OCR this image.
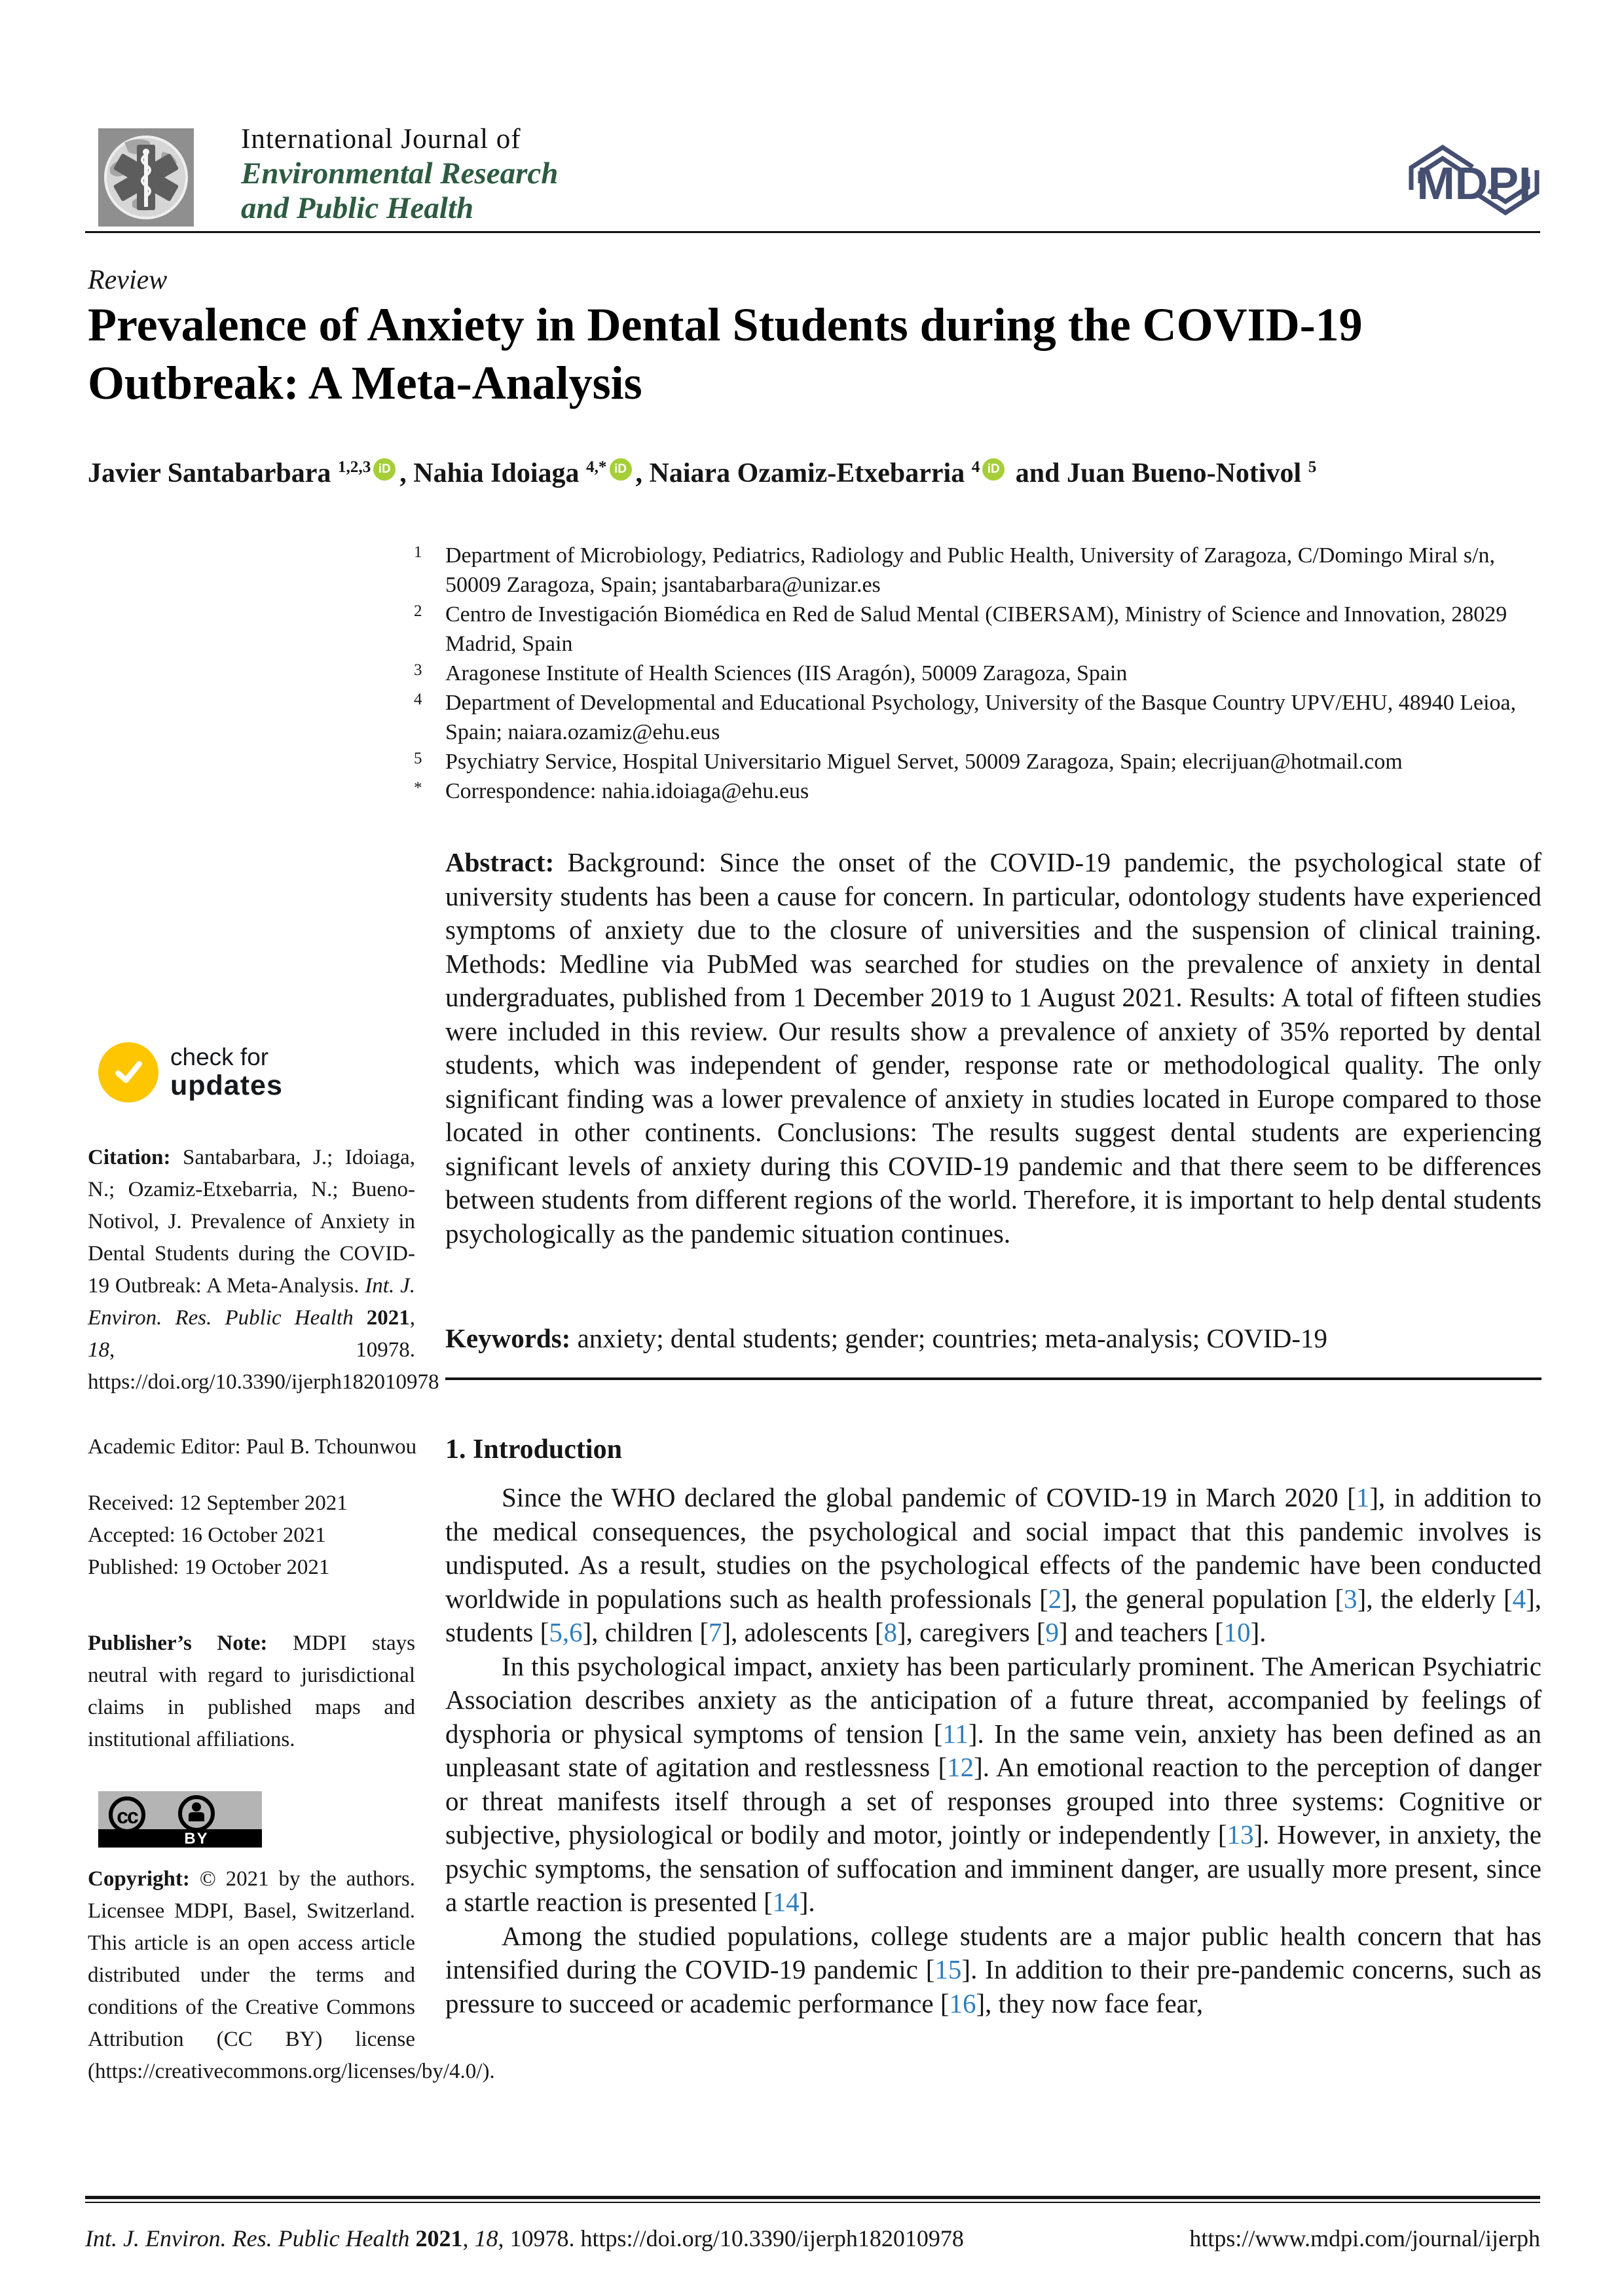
International Journal of
Environmental Research
and Public Health	MDPI
Review
Prevalence of Anxiety in Dental Students during the COVID-19 Outbreak: A Meta-Analysis
Javier Santabarbara $^{1,2,3}$ iD , Nahia Idoiaga $^{4,*}$ iD , Naiara Ozamiz-Etxebarria $^4$ iD and Juan Bueno-Notivol $^5$
1	Department of Microbiology, Pediatrics, Radiology and Public Health, University of Zaragoza, C/Domingo Miral s/n, 50009 Zaragoza, Spain; jsantabarbara@unizar.es
2	Centro de Investigación Biomédica en Red de Salud Mental (CIBERSAM), Ministry of Science and Innovation, 28029 Madrid, Spain
3	Aragonese Institute of Health Sciences (IIS Aragón), 50009 Zaragoza, Spain
4	Department of Developmental and Educational Psychology, University of the Basque Country UPV/EHU, 48940 Leioa, Spain; naiara.ozamiz@ehu.eus
5	Psychiatry Service, Hospital Universitario Miguel Servet, 50009 Zaragoza, Spain; elecrijuan@hotmail.com
*	Correspondence: nahia.idoiaga@ehu.eus
Abstract: Background: Since the onset of the COVID-19 pandemic, the psychological state of university students has been a cause for concern. In particular, odontology students have experienced symptoms of anxiety due to the closure of universities and the suspension of clinical training. Methods: Medline via PubMed was searched for studies on the prevalence of anxiety in dental undergraduates, published from 1 December 2019 to 1 August 2021. Results: A total of fifteen studies were included in this review. Our results show a prevalence of anxiety of 35% reported by dental students, which was independent of gender, response rate or methodological quality. The only significant finding was a lower prevalence of anxiety in studies located in Europe compared to those located in other continents. Conclusions: The results suggest dental students are experiencing significant levels of anxiety during this COVID-19 pandemic and that there seem to be differences between students from different regions of the world. Therefore, it is important to help dental students psychologically as the pandemic situation continues.
Keywords: anxiety; dental students; gender; countries; meta-analysis; COVID-19
check for
updates
Citation: Santabarbara, J.; Idoiaga, N.; Ozamiz-Etxebarria, N.; Bueno-Notivol, J. Prevalence of Anxiety in Dental Students during the COVID-19 Outbreak: A Meta-Analysis. Int. J. Environ. Res. Public Health 2021, 18, 10978. https://doi.org/10.3390/ijerph182010978
Academic Editor: Paul B. Tchounwou
Received: 12 September 2021
Accepted: 16 October 2021
Published: 19 October 2021
Publisher’s Note: MDPI stays neutral with regard to jurisdictional claims in published maps and institutional affiliations.
cc
BY
Copyright: © 2021 by the authors. Licensee MDPI, Basel, Switzerland. This article is an open access article distributed under the terms and conditions of the Creative Commons Attribution (CC BY) license (https://creativecommons.org/licenses/by/4.0/).
1. Introduction

Since the WHO declared the global pandemic of COVID-19 in March 2020 [ 1 ] , in addition to the medical consequences, the psychological and social impact that this pandemic involves is undisputed. As a result, studies on the psychological effects of the pandemic have been conducted worldwide in populations such as health professionals [ 2 ] , the general population [ 3 ] , the elderly [ 4 ] , students [ 5,6 ] , children [ 7 ] , adolescents [ 8 ] , caregivers [ 9 ] and teachers [ 10 ] .

In this psychological impact, anxiety has been particularly prominent. The American Psychiatric Association describes anxiety as the anticipation of a future threat, accompanied by feelings of dysphoria or physical symptoms of tension [ 11 ] . In the same vein, anxiety has been defined as an unpleasant state of agitation and restlessness [ 12 ] . An emotional reaction to the perception of danger or threat manifests itself through a set of responses grouped into three systems: Cognitive or subjective, physiological or bodily and motor, jointly or independently [ 13 ] . However, in anxiety, the psychic symptoms, the sensation of suffocation and imminent danger, are usually more present, since a startle reaction is presented [ 14 ] .

Among the studied populations, college students are a major public health concern that has intensified during the COVID-19 pandemic [ 15 ] . In addition to their pre-pandemic concerns, such as pressure to succeed or academic performance [ 16 ] , they now face fear,

Int. J. Environ. Res. Public Health 2021, 18, 10978. https://doi.org/10.3390/ijerph182010978	https://www.mdpi.com/journal/ijerph
